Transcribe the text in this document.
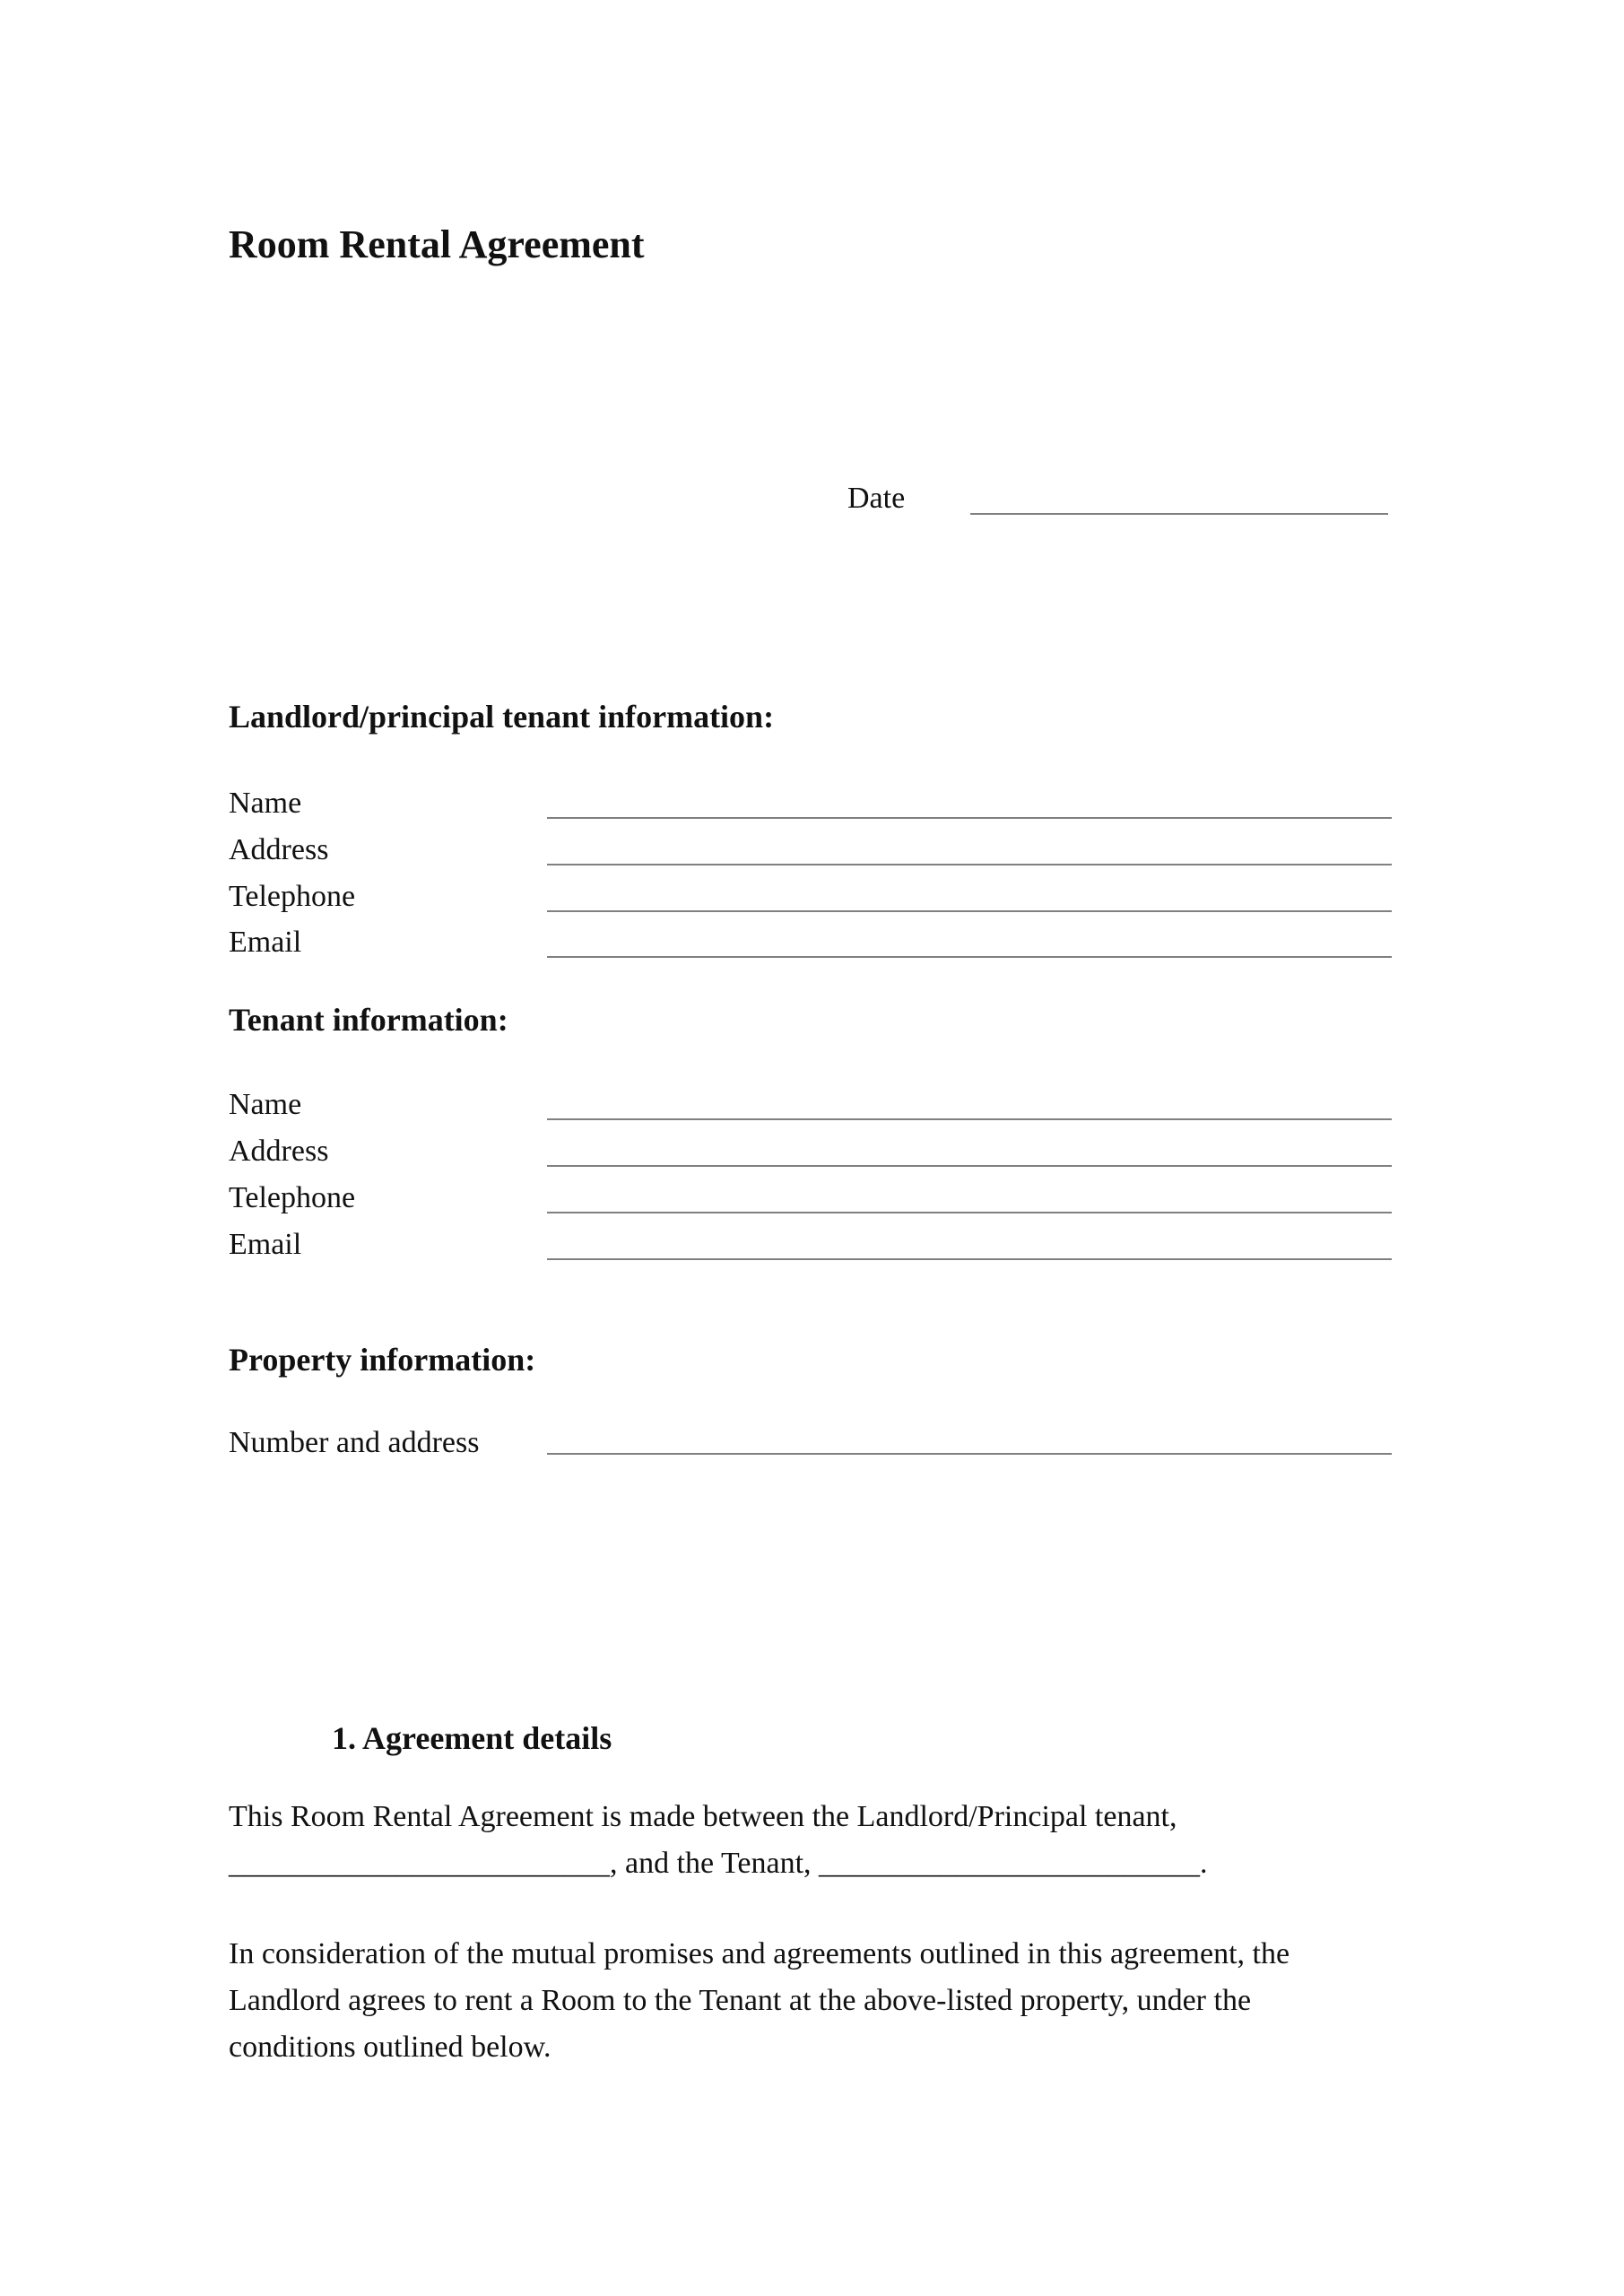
Room Rental Agreement
Date
Landlord/principal tenant information:
Name
Address
Telephone
Email
Tenant information:
Name
Address
Telephone
Email
Property information:
Number and address
1. Agreement details
This Room Rental Agreement is made between the Landlord/Principal tenant,
_________________________, and the Tenant, _________________________.
In consideration of the mutual promises and agreements outlined in this agreement, the
Landlord agrees to rent a Room to the Tenant at the above-listed property, under the
conditions outlined below.
